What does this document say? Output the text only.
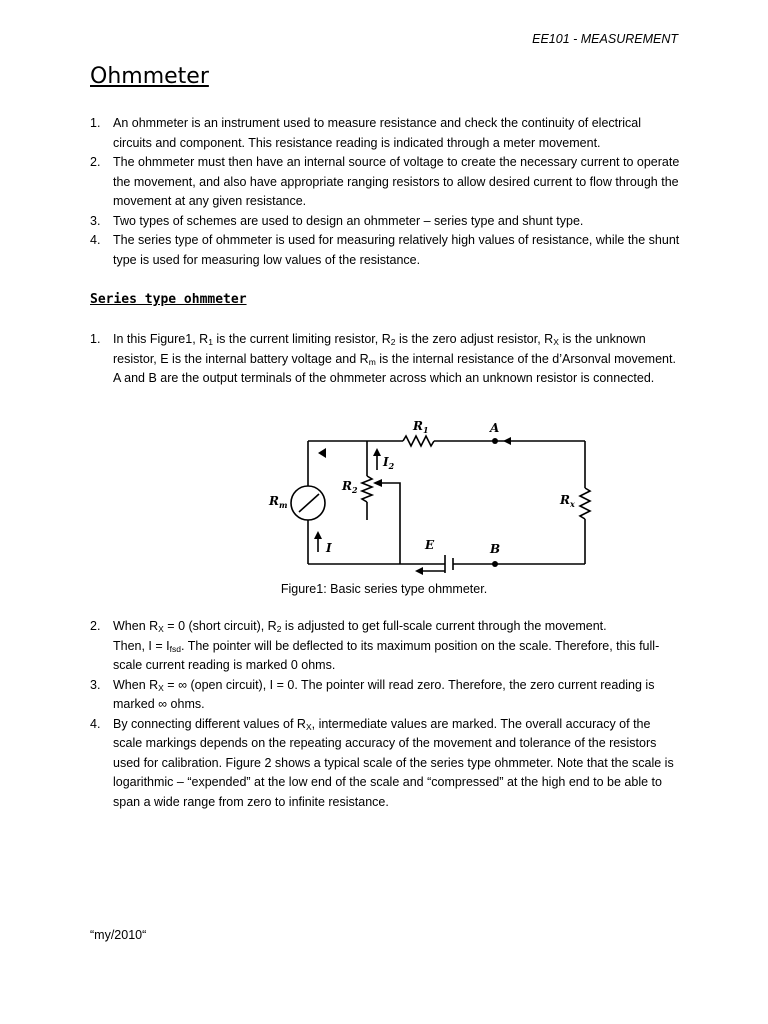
EE101 - MEASUREMENT
Ohmmeter
1. An ohmmeter is an instrument used to measure resistance and check the continuity of electrical circuits and component. This resistance reading is indicated through a meter movement.
2. The ohmmeter must then have an internal source of voltage to create the necessary current to operate the movement, and also have appropriate ranging resistors to allow desired current to flow through the movement at any given resistance.
3. Two types of schemes are used to design an ohmmeter – series type and shunt type.
4. The series type of ohmmeter is used for measuring relatively high values of resistance, while the shunt type is used for measuring low values of the resistance.
Series type ohmmeter
1. In this Figure1, $R_1$ is the current limiting resistor, $R_2$ is the zero adjust resistor, $R_X$ is the unknown resistor, E is the internal battery voltage and $R_m$ is the internal resistance of the d’Arsonval movement. A and B are the output terminals of the ohmmeter across which an unknown resistor is connected.
$R_1$	A
$I_2$
$R_2$
$R_m$	$R_x$
I	E	B
Figure1: Basic series type ohmmeter.
2. When $R_X = 0$ (short circuit), $R_2$ is adjusted to get full-scale current through the movement.
Then, $I = I_{fsd}$. The pointer will be deflected to its maximum position on the scale. Therefore, this full-scale current reading is marked 0 ohms.
3. When $R_X$ = ∞ (open circuit), I = 0. The pointer will read zero. Therefore, the zero current reading is marked ∞ ohms.
4. By connecting different values of $R_X$, intermediate values are marked. The overall accuracy of the scale markings depends on the repeating accuracy of the movement and tolerance of the resistors used for calibration. Figure 2 shows a typical scale of the series type ohmmeter. Note that the scale is logarithmic – “expended” at the low end of the scale and “compressed” at the high end to be able to span a wide range from zero to infinite resistance.
“my/2010“
